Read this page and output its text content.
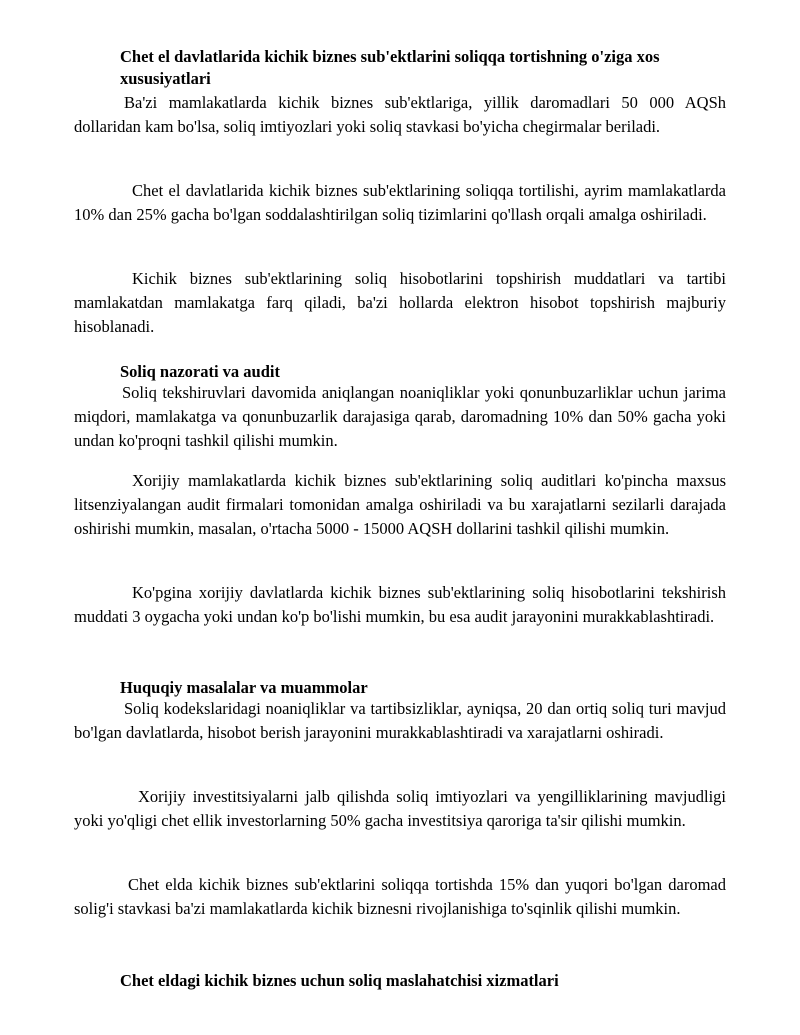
Chet el davlatlarida kichik biznes sub'ektlarini soliqqa tortishning o'ziga xos xususiyatlari

Ba'zi mamlakatlarda kichik biznes sub'ektlariga, yillik daromadlari 50 000 AQSh dollaridan kam bo'lsa, soliq imtiyozlari yoki soliq stavkasi bo'yicha chegirmalar beriladi.

Chet el davlatlarida kichik biznes sub'ektlarining soliqqa tortilishi, ayrim mamlakatlarda 10% dan 25% gacha bo'lgan soddalashtirilgan soliq tizimlarini qo'llash orqali amalga oshiriladi.

Kichik biznes sub'ektlarining soliq hisobotlarini topshirish muddatlari va tartibi mamlakatdan mamlakatga farq qiladi, ba'zi hollarda elektron hisobot topshirish majburiy hisoblanadi.

Soliq nazorati va audit

Soliq tekshiruvlari davomida aniqlangan noaniqliklar yoki qonunbuzarliklar uchun jarima miqdori, mamlakatga va qonunbuzarlik darajasiga qarab, daromadning 10% dan 50% gacha yoki undan ko'proqni tashkil qilishi mumkin.

Xorijiy mamlakatlarda kichik biznes sub'ektlarining soliq auditlari ko'pincha maxsus litsenziyalangan audit firmalari tomonidan amalga oshiriladi va bu xarajatlarni sezilarli darajada oshirishi mumkin, masalan, o'rtacha 5000 - 15000 AQSH dollarini tashkil qilishi mumkin.

Ko'pgina xorijiy davlatlarda kichik biznes sub'ektlarining soliq hisobotlarini tekshirish muddati 3 oygacha yoki undan ko'p bo'lishi mumkin, bu esa audit jarayonini murakkablashtiradi.

Huquqiy masalalar va muammolar

Soliq kodekslaridagi noaniqliklar va tartibsizliklar, ayniqsa, 20 dan ortiq soliq turi mavjud bo'lgan davlatlarda, hisobot berish jarayonini murakkablashtiradi va xarajatlarni oshiradi.

Xorijiy investitsiyalarni jalb qilishda soliq imtiyozlari va yengilliklarining mavjudligi yoki yo'qligi chet ellik investorlarning 50% gacha investitsiya qaroriga ta'sir qilishi mumkin.

Chet elda kichik biznes sub'ektlarini soliqqa tortishda 15% dan yuqori bo'lgan daromad solig'i stavkasi ba'zi mamlakatlarda kichik biznesni rivojlanishiga to'sqinlik qilishi mumkin.

Chet eldagi kichik biznes uchun soliq maslahatchisi xizmatlari
